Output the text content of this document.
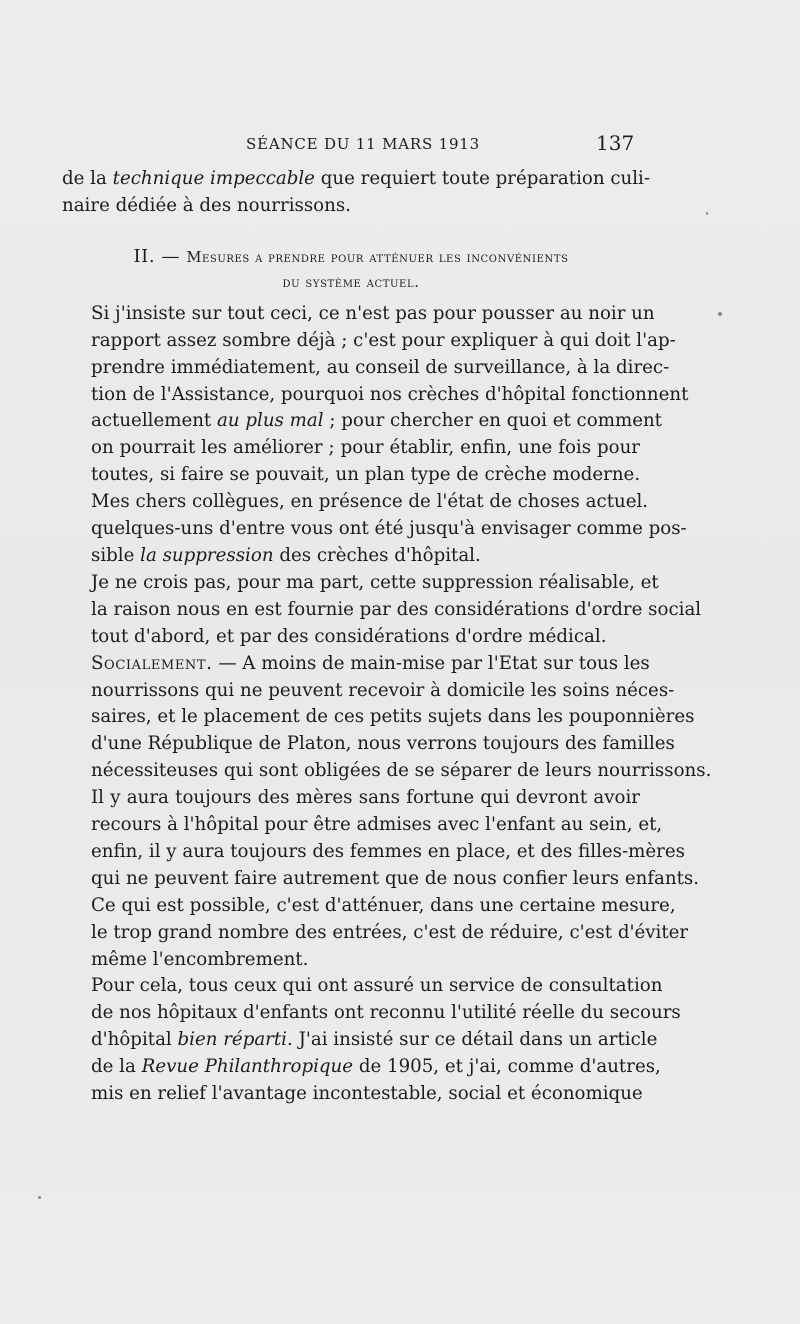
SÉANCE DU 11 MARS 1913	137

de la technique impeccable que requiert toute préparation culi-
naire dédiée à des nourrissons.

II. — Mesures a prendre pour atténuer les inconvénients
du système actuel.

Si j'insiste sur tout ceci, ce n'est pas pour pousser au noir un
rapport assez sombre déjà ; c'est pour expliquer à qui doit l'ap-
prendre immédiatement, au conseil de surveillance, à la direc-
tion de l'Assistance, pourquoi nos crèches d'hôpital fonctionnent
actuellement au plus mal ; pour chercher en quoi et comment
on pourrait les améliorer ; pour établir, enfin, une fois pour
toutes, si faire se pouvait, un plan type de crèche moderne.

Mes chers collègues, en présence de l'état de choses actuel.
quelques-uns d'entre vous ont été jusqu'à envisager comme pos-
sible la suppression des crèches d'hôpital.

Je ne crois pas, pour ma part, cette suppression réalisable, et
la raison nous en est fournie par des considérations d'ordre social
tout d'abord, et par des considérations d'ordre médical.

Socialement. — A moins de main-mise par l'Etat sur tous les
nourrissons qui ne peuvent recevoir à domicile les soins néces-
saires, et le placement de ces petits sujets dans les pouponnières
d'une République de Platon, nous verrons toujours des familles
nécessiteuses qui sont obligées de se séparer de leurs nourrissons.
Il y aura toujours des mères sans fortune qui devront avoir
recours à l'hôpital pour être admises avec l'enfant au sein, et,
enfin, il y aura toujours des femmes en place, et des filles-mères
qui ne peuvent faire autrement que de nous confier leurs enfants.

Ce qui est possible, c'est d'atténuer, dans une certaine mesure,
le trop grand nombre des entrées, c'est de réduire, c'est d'éviter
même l'encombrement.

Pour cela, tous ceux qui ont assuré un service de consultation
de nos hôpitaux d'enfants ont reconnu l'utilité réelle du secours
d'hôpital bien réparti. J'ai insisté sur ce détail dans un article
de la Revue Philanthropique de 1905, et j'ai, comme d'autres,
mis en relief l'avantage incontestable, social et économique
